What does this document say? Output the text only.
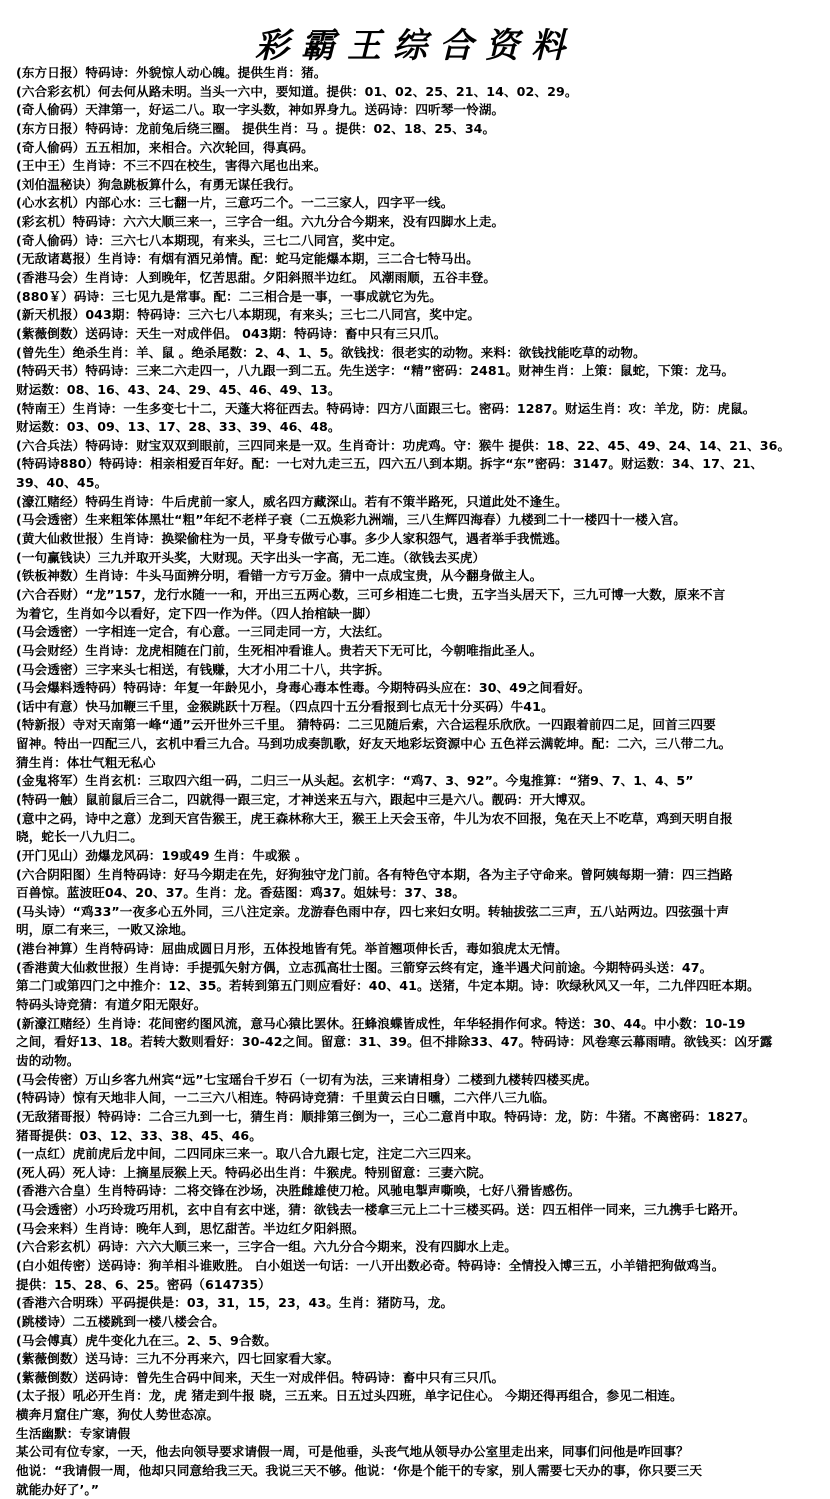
彩霸王综合资料
(东方日报）特码诗：外貌惊人动心魄。提供生肖：猪。
(六合彩玄机）何去何从路未明。当头一六中，要知道。提供：01、02、25、21、14、02、29。
(奇人偷码）天津第一，好运二八。取一字头数，神如界身九。送码诗：四听琴一怜湖。
(东方日报）特码诗：龙前兔后绕三圈。 提供生肖：马 。提供：02、18、25、34。
(奇人偷码）五五相加，来相合。六次轮回，得真码。
(王中王）生肖诗：不三不四在校生，害得六尾也出来。
(刘伯温秘诀）狗急跳板算什么，有勇无谋任我行。
(心水玄机）内部心水：三七翻一片，三意巧二个。一二三家人，四字平一线。
(彩玄机）特码诗：六六大顺三来一，三字合一组。六九分合今期来，没有四脚水上走。
(奇人偷码）诗：三六七八本期现，有来头，三七二八同宫，奖中定。
(无敌诸葛报）生肖诗：有烟有酒兄弟情。配：蛇马定能爆本期，三二合七特马出。
(香港马会）生肖诗：人到晚年，忆苦思甜。夕阳斜照半边红。 风潮雨顺，五谷丰登。
(880￥）码诗：三七见九是常事。配：二三相合是一事，一事成就它为先。
(新天机报）043期：特码诗：三六七八本期现，有来头；三七二八同宫，奖中定。
(紫薇倒数）送码诗：天生一对成伴侣。 043期：特码诗：畜中只有三只爪。
(曾先生）绝杀生肖：羊、鼠 。绝杀尾数：2、4、1、5。欲钱找：很老实的动物。来料：欲钱找能吃草的动物。
(特码天书）特码诗：三来二六走四一，八九跟一到二五。先生送字：“精”密码：2481。财神生肖：上策：鼠蛇，下策：龙马。
财运数：08、16、43、24、29、45、46、49、13。
(特南王）生肖诗：一生多变七十二，天蓬大将征西去。特码诗：四方八面跟三七。密码：1287。财运生肖：攻：羊龙，防：虎鼠。
财运数：03、09、13、17、28、33、39、46、48。
(六合兵法）特码诗：财宝双双到眼前，三四同来是一双。生肖奇计：功虎鸡。守：猴牛 提供：18、22、45、49、24、14、21、36。
(特码诗880）特码诗：相亲相爱百年好。配：一七对九走三五，四六五八到本期。拆字“东”密码：3147。财运数：34、17、21、
39、40、45。
(濠江赌经）特码生肖诗：牛后虎前一家人，威名四方藏深山。若有不策半路死，只道此处不逢生。
(马会透密）生来粗笨体黑壮“粗”年纪不老样子衰（二五焕彩九洲端，三八生辉四海春）九楼到二十一楼四十一楼入宫。
(黄大仙救世报）生肖诗：换梁偷柱为一员，平身专做亏心事。多少人家积怨气，遇者举手我慌逃。
(一句赢钱诀）三九并取开头奖，大财现。天字出头一字高，无二连。（欲钱去买虎）
(铁板神数）生肖诗：牛头马面辨分明，看错一方亏万金。猜中一点成宝贵，从今翻身做主人。
(六合吞财）“龙”157，龙行水随一一和，开出三五两心数，三可乡相连二七贵，五字当头居天下，三九可博一大数，原来不言
为着它，生肖如今以看好，定下四一作为伴。（四人抬棺缺一脚）
(马会透密）一字相连一定合，有心意。一三同走同一方，大法红。
(马会财经）生肖诗：龙虎相随在门前，生死相冲看谁人。贵若天下无可比，今朝唯指此圣人。
(马会透密）三字来头七相送，有钱赚，大才小用二十八，共字拆。
(马会爆料透特码）特码诗：年复一年龄见小，身毒心毒本性毒。今期特码头应在：30、49之间看好。
(话中有意）快马加鞭三千里，金猴跳跃十万程。（四点四十五分看报到七点无十分买码）牛41。
(特新报）寺对天南第一峰“通”云开世外三千里。 猜特码：二三见随后索，六合运程乐欣欣。一四跟着前四二足，回首三四要
留神。特出一四配三八，玄机中看三九合。马到功成奏凯歌，好友天地彩坛资源中心 五色祥云满乾坤。配：二六，三八带二九。
猜生肖：体壮气粗无私心
(金鬼将军）生肖玄机：三取四六组一码，二归三一从头起。玄机字：“鸡7、3、92”。今鬼推算：“猪9、7、1、4、5”
(特码一触）鼠前鼠后三合二，四就得一跟三定，才神送来五与六，跟起中三是六八。靓码：开大博双。
(意中之码，诗中之意）龙到天宫告猴王，虎王森林称大王，猴王上天会玉帝，牛儿为农不回报，兔在天上不吃草，鸡到天明自报
晓，蛇长一八九归二。
(开门见山）劲爆龙风码：19或49 生肖：牛或猴 。
(六合阴阳图）生肖特码诗：好马今期走在先，好狗独守龙门前。各有特色守本期，各为主子守命来。曾阿姨每期一猜：四三挡路
百兽惊。蓝波旺04、20、37。生肖：龙。香菇图：鸡37。姐妹号：37、38。
(马头诗）“鸡33”一夜多心五外同，三八注定亲。龙游春色雨中存，四七来妇女明。转轴拔弦二三声，五八站两边。四弦强十声
明，原二有来三，一败又涂地。
(港台神算）生肖特码诗：屈曲成圆日月形，五体投地皆有凭。举首翘项伸长舌，毒如狼虎太无情。
(香港黄大仙救世报）生肖诗：手提弧矢射方偶，立志孤高壮士图。三箭穿云终有定，逢半遇犬问前途。今期特码头送：47。
第二门或第四门之中推介：12、35。若转到第五门则应看好：40、41。送猪，牛定本期。诗：吹绿秋风又一年，二九伴四旺本期。
特码头诗竞猜：有道夕阳无限好。
(新濠江赌经）生肖诗：花间密约图风流，意马心猿比罢休。狂蜂浪蝶皆成性，年华轻捐作何求。特送：30、44。中小数：10-19
之间，看好13、18。若转大数则看好：30-42之间。留意：31、39。但不排除33、47。特码诗：风卷寒云幕雨晴。欲钱买：凶牙露
齿的动物。
(马会传密）万山乡客九州宾“远”七宝瑶台千岁石（一切有为法，三来请相身）二楼到九楼转四楼买虎。
(特码诗）惊有天地非人间，一二三六八相连。特码诗竞猜：千里黄云白日曛，二六伴八三九临。
(无敌猪哥报）特码诗：二合三九到一七，猜生肖：顺排第三倒为一，三心二意肖中取。特码诗：龙，防：牛猪。不离密码：1827。
猪哥提供：03、12、33、38、45、46。
(一点红）虎前虎后龙中间，二四同床三来一。取八合九跟七定，注定二六三四来。
(死人码）死人诗：上摘星辰猴上天。特码必出生肖：牛猴虎。特别留意：三妻六院。
(香港六合皇）生肖特码诗：二将交锋在沙场，决胜雌雄使刀枪。风驰电掣声嘶唤，七好八猾皆感伤。
(马会透密）小巧玲珑巧用机，玄中自有玄中迷，猜：欲钱去一楼拿三元上二十三楼买码。送：四五相伴一同来，三九携手七路开。
(马会来料）生肖诗：晚年人到，思忆甜苦。半边红夕阳斜照。
(六合彩玄机）码诗：六六大顺三来一，三字合一组。六九分合今期来，没有四脚水上走。
(白小姐传密）送码诗：狗羊相斗谁败胜。 白小姐送一句话：一八开出数必奇。特码诗：全情投入博三五，小羊错把狗做鸡当。
提供：15、28、6、25。密码（614735）
(香港六合明珠）平码提供是：03，31，15，23，43。生肖：猪防马，龙。
(跳楼诗）二五楼跳到一楼八楼会合。
(马会傅真）虎牛变化九在三。2、5、9合数。
(紫薇倒数）送马诗：三九不分再来六，四七回家看大家。
(紫薇倒数）送码诗：曾先生合码中间来，天生一对成伴侣。特码诗：畜中只有三只爪。
(太子报）吼必开生肖：龙，虎 猪走到牛报 晓，三五来。日五过头四班，单字记住心。 今期还得再组合，参见二相连。
横奔月窟住广寒，狗仗人势世态凉。
生活幽默：专家请假
某公司有位专家，一天，他去向领导要求请假一周，可是他垂，头丧气地从领导办公室里走出来，同事们问他是咋回事？
他说：“我请假一周，他却只同意给我三天。我说三天不够。他说：‘你是个能干的专家，别人需要七天办的事，你只要三天
就能办好了’。”
